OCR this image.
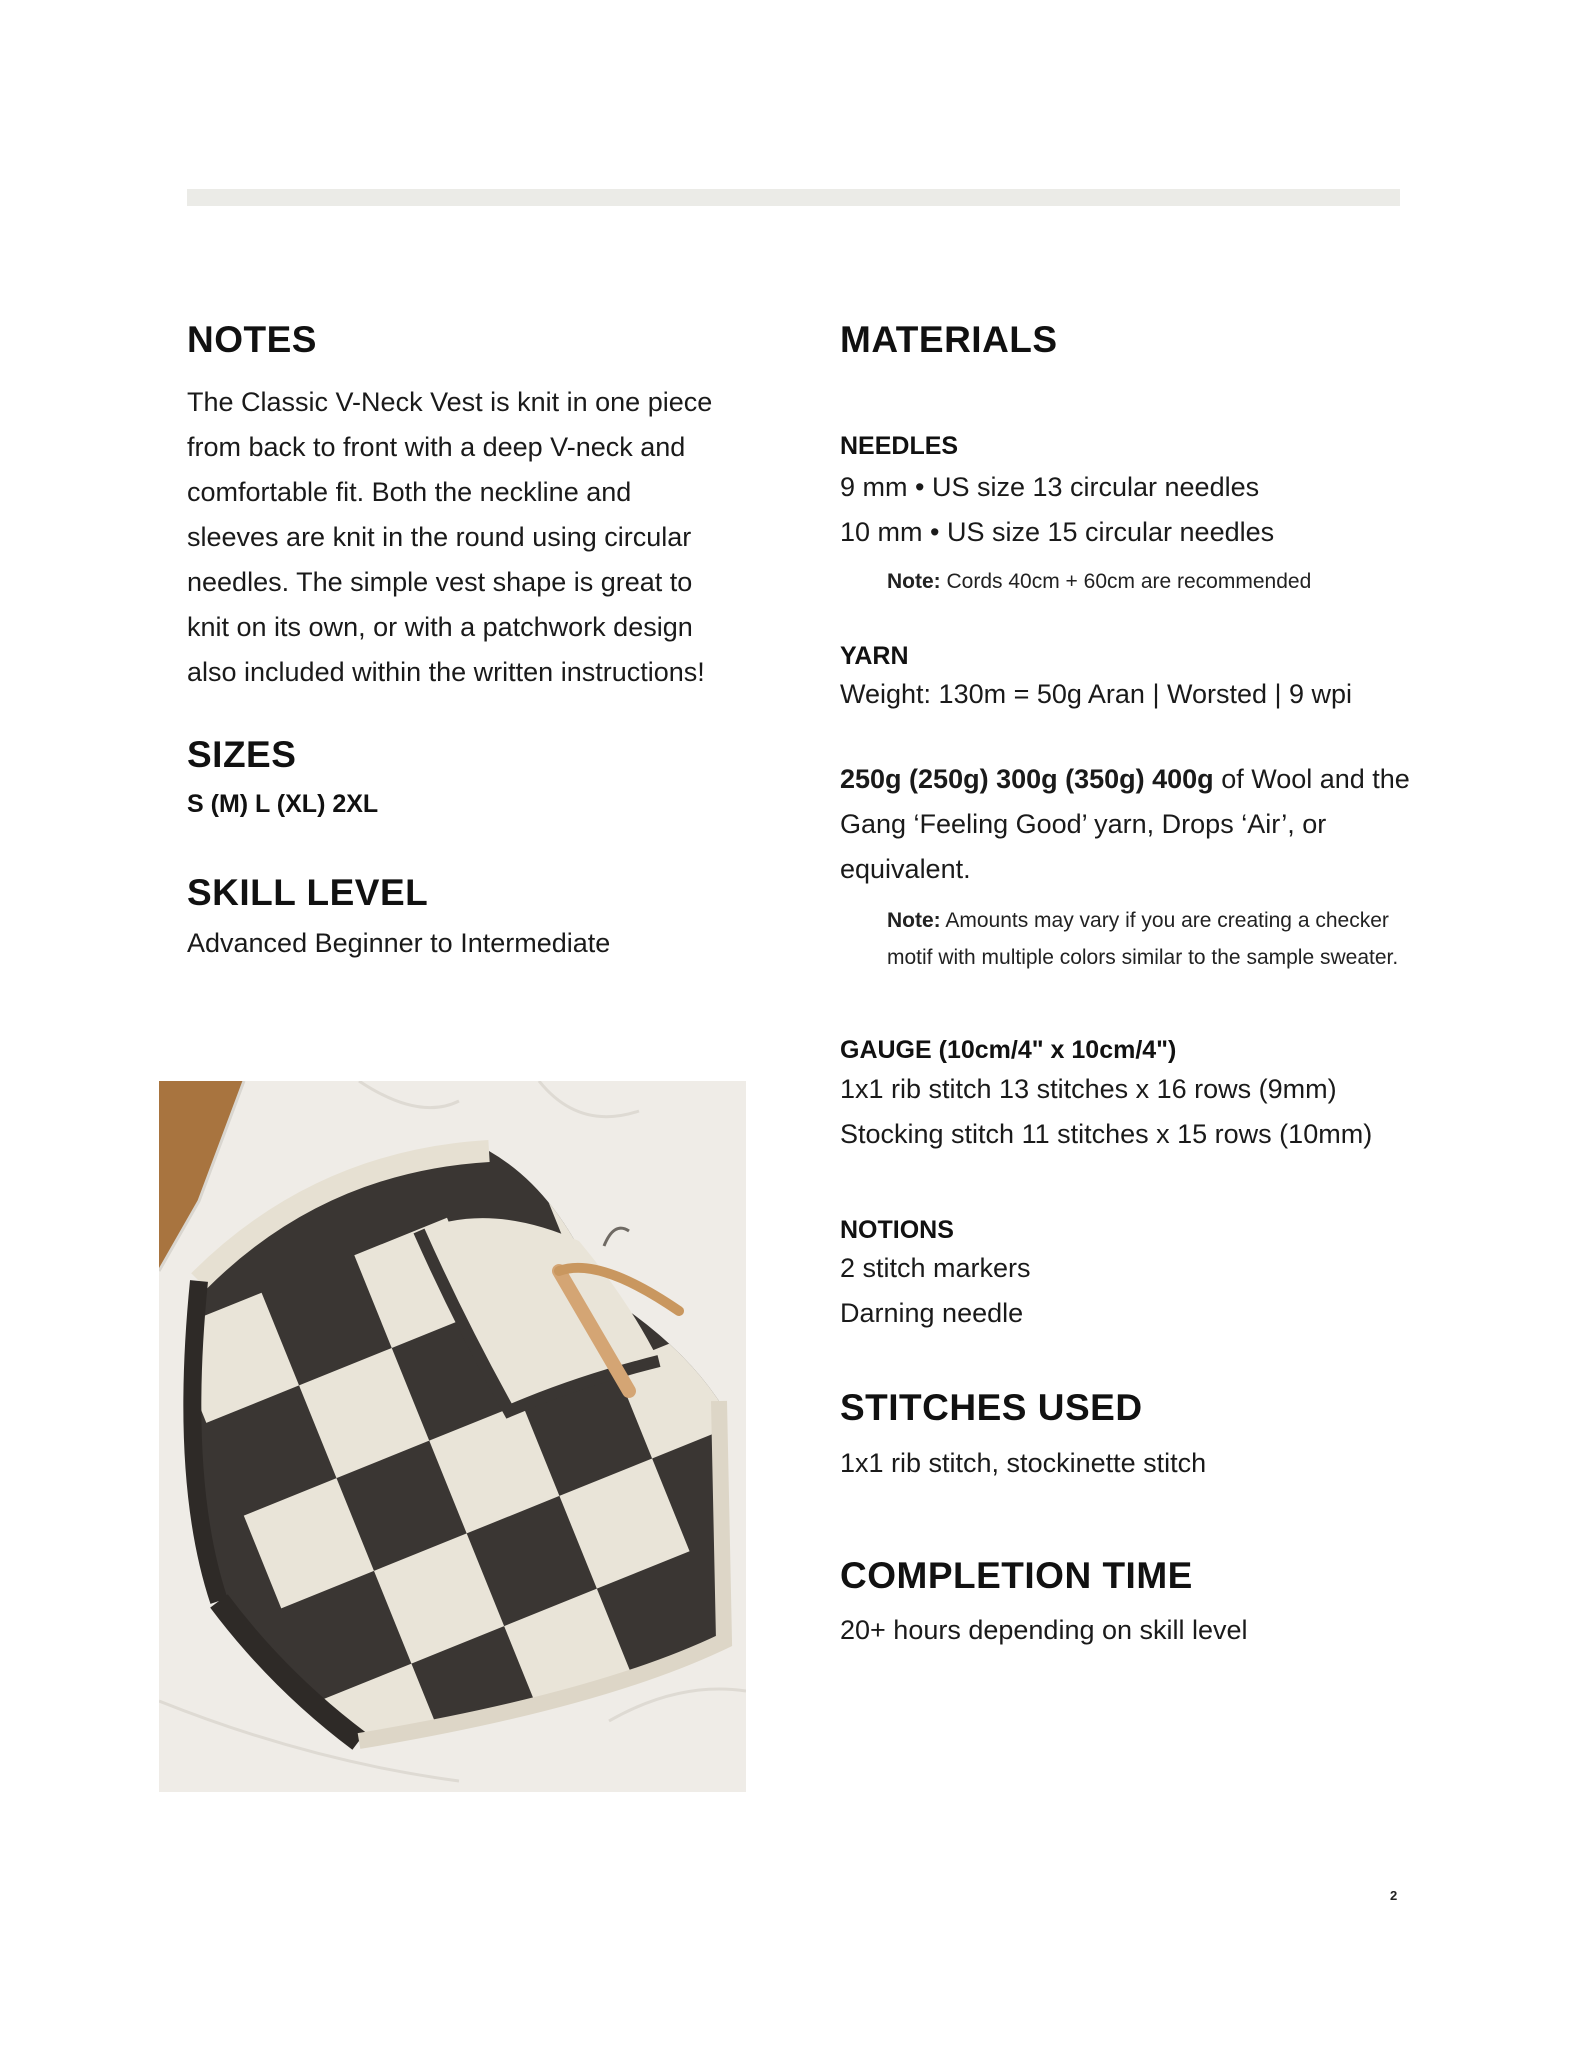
NOTES

The Classic V-Neck Vest is knit in one piece from back to front with a deep V-neck and comfortable fit. Both the neckline and sleeves are knit in the round using circular needles. The simple vest shape is great to knit on its own, or with a patchwork design also included within the written instructions!

SIZES
S (M) L (XL) 2XL
SKILL LEVEL

Advanced Beginner to Intermediate

MATERIALS
NEEDLES

9 mm • US size 13 circular needles

10 mm • US size 15 circular needles

Note: Cords 40cm + 60cm are recommended
YARN

Weight: 130m = 50g Aran | Worsted | 9 wpi

250g (250g) 300g (350g) 400g of Wool and the Gang ‘Feeling Good’ yarn, Drops ‘Air’, or equivalent.

Note: Amounts may vary if you are creating a checker motif with multiple colors similar to the sample sweater.
GAUGE (10cm/4" x 10cm/4")

1x1 rib stitch 13 stitches x 16 rows (9mm)

Stocking stitch 11 stitches x 15 rows (10mm)

NOTIONS

2 stitch markers

Darning needle

STITCHES USED

1x1 rib stitch, stockinette stitch

COMPLETION TIME

20+ hours depending on skill level

2
